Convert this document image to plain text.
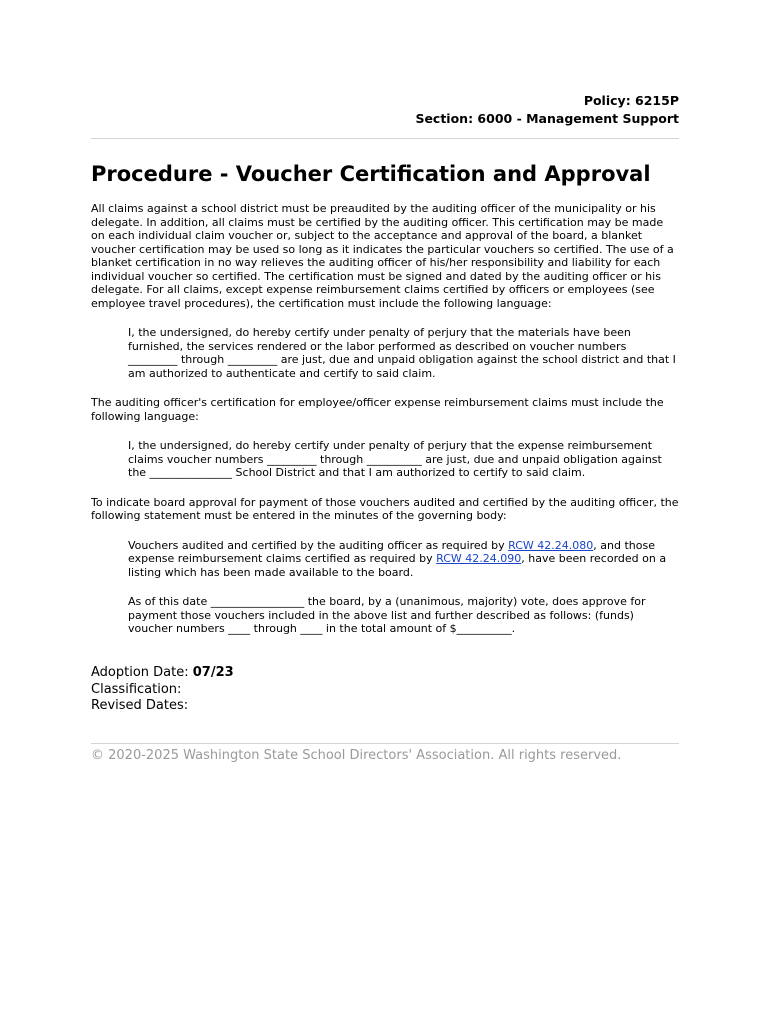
Policy: 6215P
Section: 6000 - Management Support
Procedure - Voucher Certification and Approval

All claims against a school district must be preaudited by the auditing officer of the municipality or his delegate. In addition, all claims must be certified by the auditing officer. This certification may be made on each individual claim voucher or, subject to the acceptance and approval of the board, a blanket voucher certification may be used so long as it indicates the particular vouchers so certified. The use of a blanket certification in no way relieves the auditing officer of his/her responsibility and liability for each individual voucher so certified. The certification must be signed and dated by the auditing officer or his delegate. For all claims, except expense reimbursement claims certified by officers or employees (see employee travel procedures), the certification must include the following language:

I, the undersigned, do hereby certify under penalty of perjury that the materials have been furnished, the services rendered or the labor performed as described on voucher numbers _________ through _________ are just, due and unpaid obligation against the school district and that I am authorized to authenticate and certify to said claim.

The auditing officer's certification for employee/officer expense reimbursement claims must include the following language:

I, the undersigned, do hereby certify under penalty of perjury that the expense reimbursement claims voucher numbers _________ through __________ are just, due and unpaid obligation against the _______________ School District and that I am authorized to certify to said claim.

To indicate board approval for payment of those vouchers audited and certified by the auditing officer, the following statement must be entered in the minutes of the governing body:

Vouchers audited and certified by the auditing officer as required by RCW 42.24.080, and those expense reimbursement claims certified as required by RCW 42.24.090, have been recorded on a listing which has been made available to the board.

As of this date _________________ the board, by a (unanimous, majority) vote, does approve for payment those vouchers included in the above list and further described as follows: (funds) voucher numbers ____ through ____ in the total amount of $__________.

Adoption Date: 07/23
Classification:
Revised Dates:
© 2020-2025 Washington State School Directors' Association. All rights reserved.
